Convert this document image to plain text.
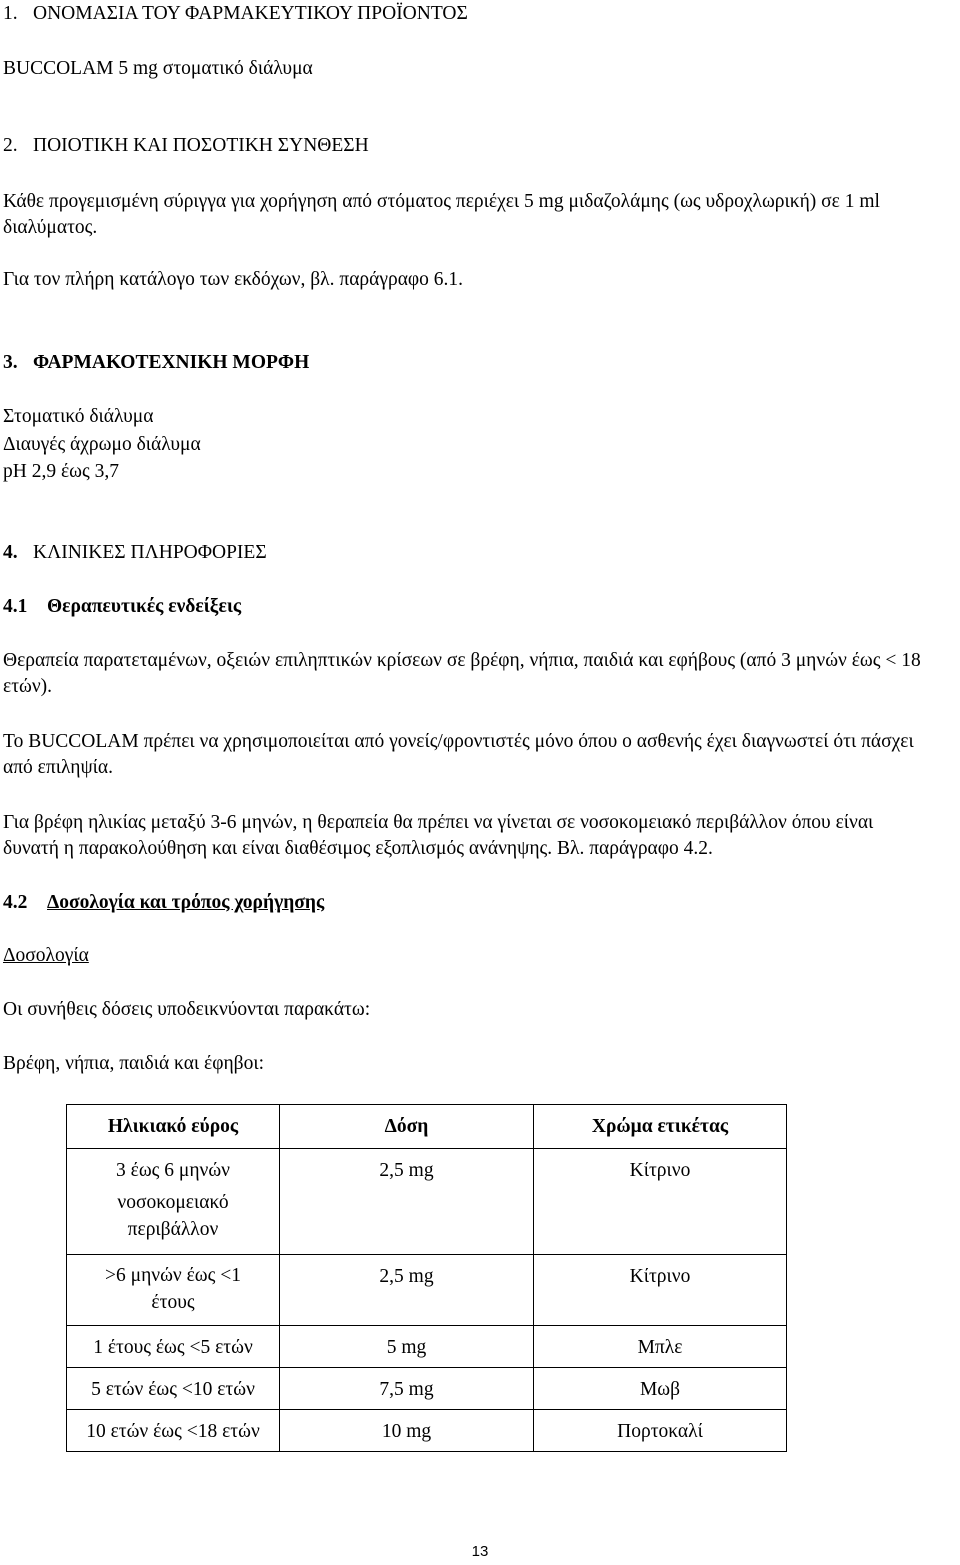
1. ΟΝΟΜΑΣΙΑ ΤΟΥ ΦΑΡΜΑΚΕΥΤΙΚΟΥ ΠΡΟΪΟΝΤΟΣ

BUCCOLAM 5 mg στοματικό διάλυμα

2. ΠΟΙΟΤΙΚΗ ΚΑΙ ΠΟΣΟΤΙΚΗ ΣΥΝΘΕΣΗ

Κάθε προγεμισμένη σύριγγα για χορήγηση από στόματος περιέχει 5 mg μιδαζολάμης (ως υδροχλωρική) σε 1 ml διαλύματος.

Για τον πλήρη κατάλογο των εκδόχων, βλ. παράγραφο 6.1.

3. ΦΑΡΜΑΚΟΤΕΧΝΙΚΗ ΜΟΡΦΗ

Στοματικό διάλυμα

Διαυγές άχρωμο διάλυμα

pH 2,9 έως 3,7

4. ΚΛΙΝΙΚΕΣ ΠΛΗΡΟΦΟΡΙΕΣ

4.1 Θεραπευτικές ενδείξεις

Θεραπεία παρατεταμένων, οξειών επιληπτικών κρίσεων σε βρέφη, νήπια, παιδιά και εφήβους (από 3 μηνών έως < 18 ετών).

Το BUCCOLAM πρέπει να χρησιμοποιείται από γονείς/φροντιστές μόνο όπου ο ασθενής έχει διαγνωστεί ότι πάσχει από επιληψία.

Για βρέφη ηλικίας μεταξύ 3-6 μηνών, η θεραπεία θα πρέπει να γίνεται σε νοσοκομειακό περιβάλλον όπου είναι δυνατή η παρακολούθηση και είναι διαθέσιμος εξοπλισμός ανάνηψης. Βλ. παράγραφο 4.2.

4.2 Δοσολογία και τρόπος χορήγησης

Δοσολογία

Οι συνήθεις δόσεις υποδεικνύονται παρακάτω:

Βρέφη, νήπια, παιδιά και έφηβοι:

Ηλικιακό εύρος	Δόση	Χρώμα ετικέτας

3 έως 6 μηνών
νοσοκομειακό περιβάλλον	2,5 mg	Κίτρινο
>6 μηνών έως <1 έτους	2,5 mg	Κίτρινο
1 έτους έως <5 ετών	5 mg	Μπλε
5 ετών έως <10 ετών	7,5 mg	Μωβ
10 ετών έως <18 ετών	10 mg	Πορτοκαλί
13
